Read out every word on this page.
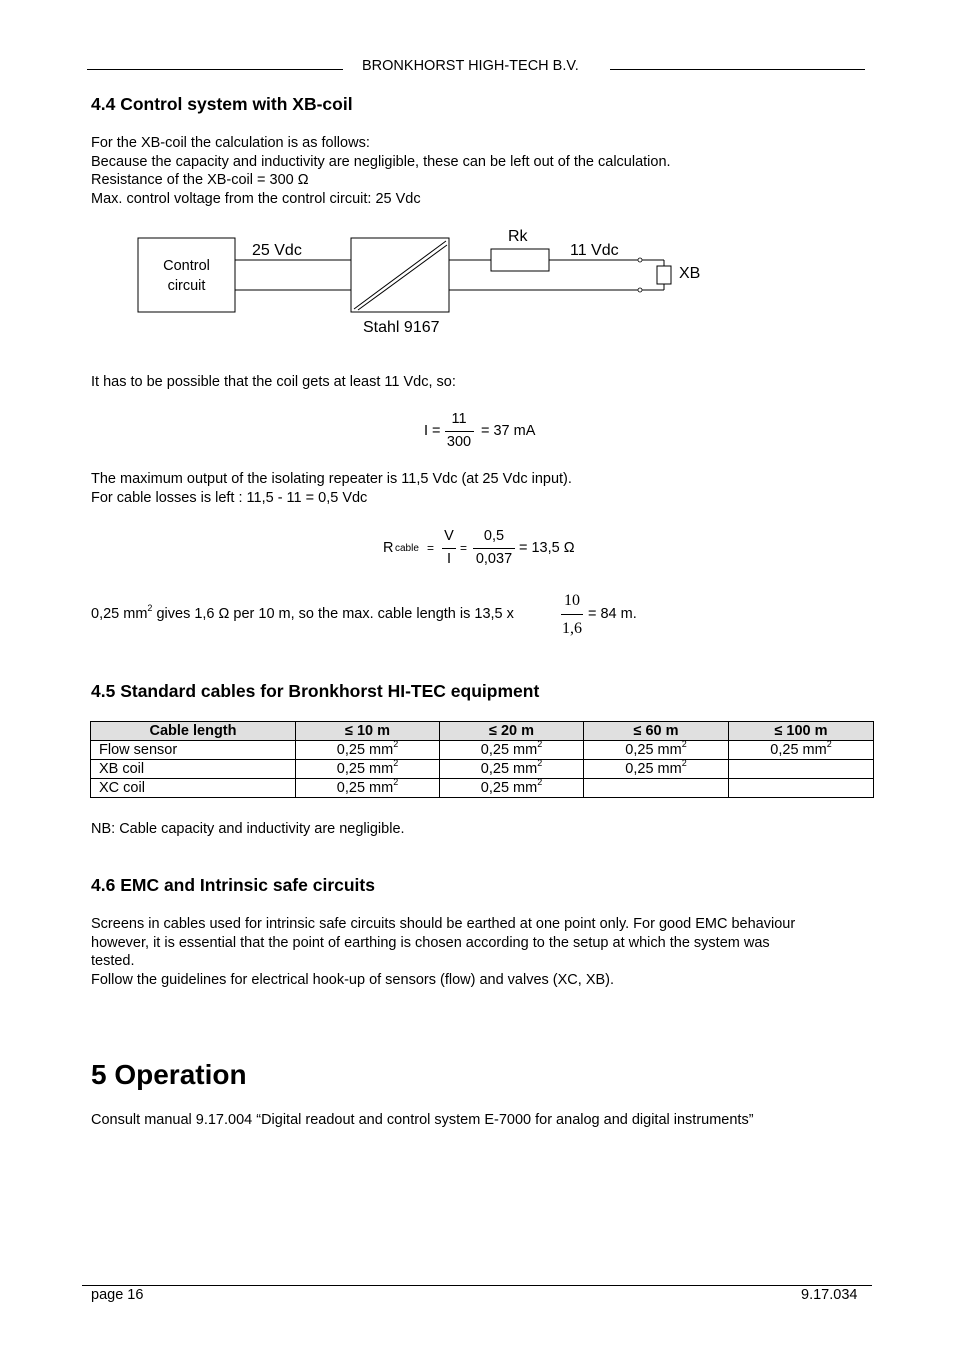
BRONKHORST HIGH-TECH B.V.
4.4 Control system with XB-coil
For the XB-coil the calculation is as follows:
Because the capacity and inductivity are negligible, these can be left out of the calculation.
Resistance of the XB-coil = 300 Ω
Max. control voltage from the control circuit: 25 Vdc
Control
circuit
25 Vdc
Rk
11 Vdc
XB
Stahl 9167
It has to be possible that the coil gets at least 11 Vdc, so:
I =
11
300
= 37 mA
The maximum output of the isolating repeater is 11,5 Vdc (at 25 Vdc input).
For cable losses is left : 11,5 - 11 = 0,5 Vdc
R cable =
V
I
=
0,5
0,037
= 13,5 Ω
0,25 $mm^2$ gives 1,6 Ω per 10 m, so the max. cable length is 13,5 x
10
1,6
= 84 m.
4.5 Standard cables for Bronkhorst HI-TEC equipment
Cable length	≤ 10 m	≤ 20 m	≤ 60 m	≤ 100 m
Flow sensor	0,25 $mm^2$	0,25 $mm^2$	0,25 $mm^2$	0,25 $mm^2$
XB coil	0,25 $mm^2$	0,25 $mm^2$	0,25 $mm^2$	
XC coil	0,25 $mm^2$	0,25 $mm^2$		
NB: Cable capacity and inductivity are negligible.
4.6 EMC and Intrinsic safe circuits
Screens in cables used for intrinsic safe circuits should be earthed at one point only. For good EMC behaviour
however, it is essential that the point of earthing is chosen according to the setup at which the system was
tested.
Follow the guidelines for electrical hook-up of sensors (flow) and valves (XC, XB).
5 Operation
Consult manual 9.17.004 “Digital readout and control system E-7000 for analog and digital instruments”
page 16	9.17.034
